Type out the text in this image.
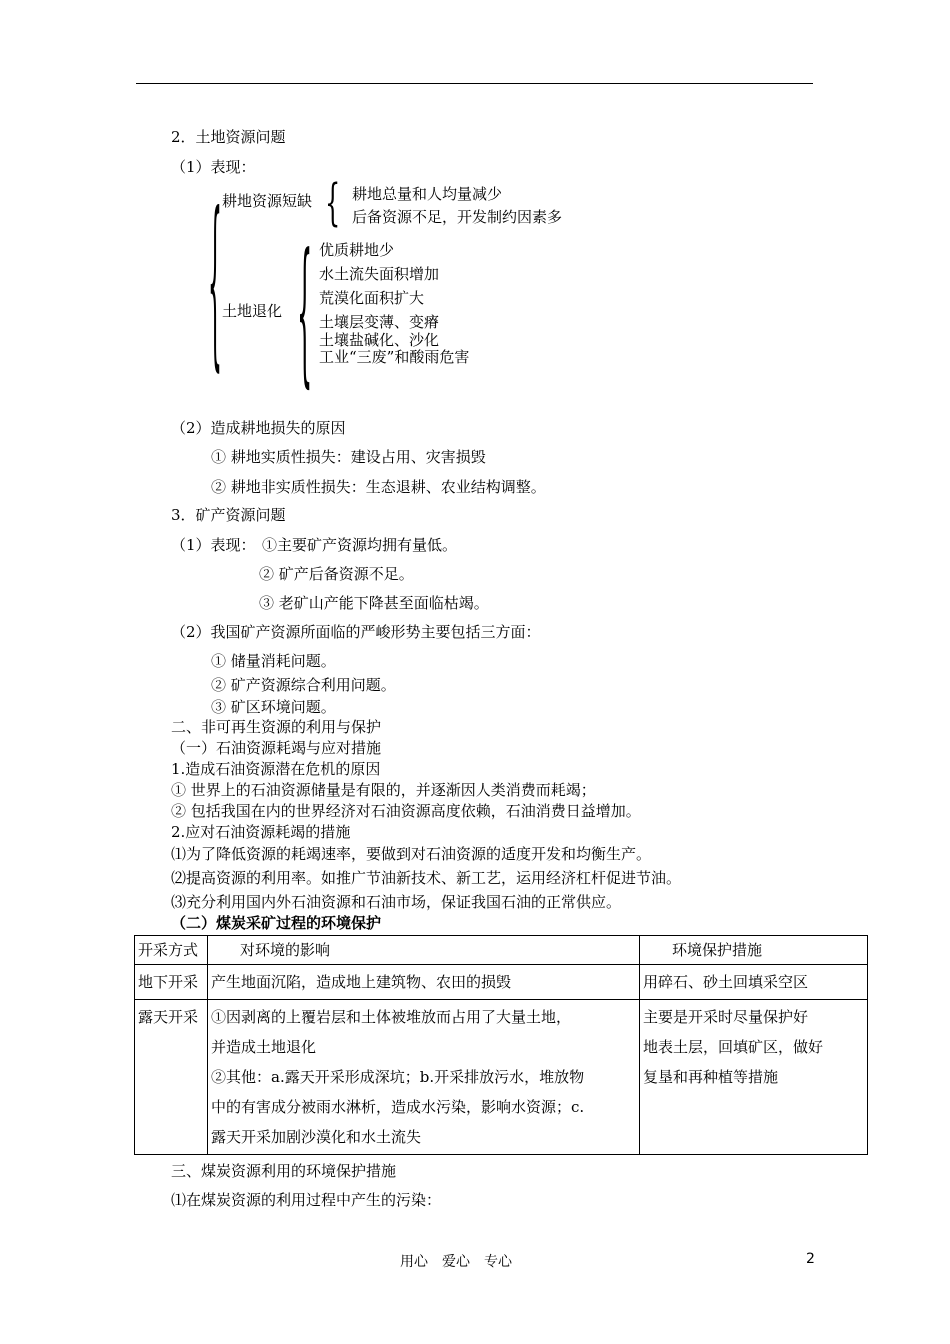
2．土地资源问题
（1）表现：
{ 耕地资源短缺 { 耕地总量和人均量减少
后备资源不足，开发制约因素多
土地退化 { 优质耕地少
水土流失面积增加
荒漠化面积扩大
土壤层变薄、变瘠
土壤盐碱化、沙化
工业“三废”和酸雨危害
（2）造成耕地损失的原因
① 耕地实质性损失：建设占用、灾害损毁
② 耕地非实质性损失：生态退耕、农业结构调整。
3．矿产资源问题
（1）表现： ①主要矿产资源均拥有量低。
② 矿产后备资源不足。
③ 老矿山产能下降甚至面临枯竭。
（2）我国矿产资源所面临的严峻形势主要包括三方面：
① 储量消耗问题。
② 矿产资源综合利用问题。
③ 矿区环境问题。
二、非可再生资源的利用与保护
（一）石油资源耗竭与应对措施
1.造成石油资源潜在危机的原因
① 世界上的石油资源储量是有限的，并逐渐因人类消费而耗竭；
② 包括我国在内的世界经济对石油资源高度依赖，石油消费日益增加。
2.应对石油资源耗竭的措施
⑴为了降低资源的耗竭速率，要做到对石油资源的适度开发和均衡生产。
⑵提高资源的利用率。如推广节油新技术、新工艺，运用经济杠杆促进节油。
⑶充分利用国内外石油资源和石油市场，保证我国石油的正常供应。
（二）煤炭采矿过程的环境保护
开采方式	对环境的影响	环境保护措施
地下开采	产生地面沉陷，造成地上建筑物、农田的损毁	用碎石、砂土回填采空区
露天开采	①因剥离的上覆岩层和土体被堆放而占用了大量土地，
并造成土地退化
②其他：a.露天开采形成深坑；b.开采排放污水，堆放物
中的有害成分被雨水淋析，造成水污染，影响水资源；c.
露天开采加剧沙漠化和水土流失	主要是开采时尽量保护好
地表土层，回填矿区，做好
复垦和再种植等措施
三、煤炭资源利用的环境保护措施
⑴在煤炭资源的利用过程中产生的污染：
用心　爱心　专心	2
